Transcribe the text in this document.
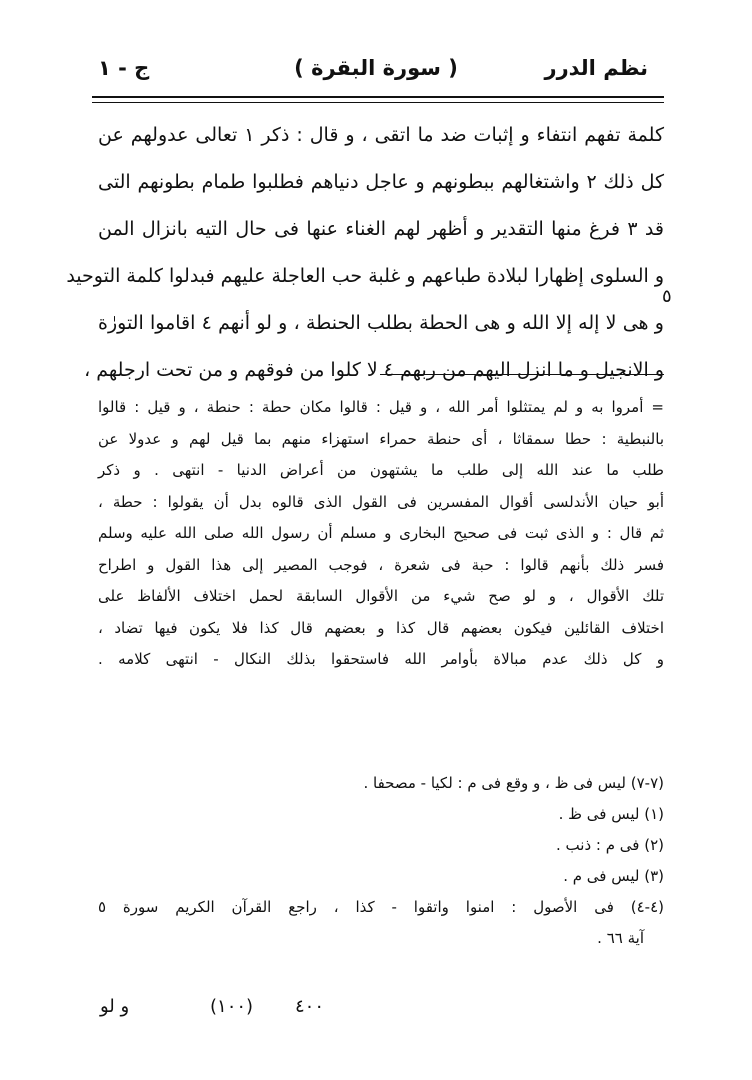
نظم الدرر
( سورة البقرة )
ج - ١
كلمة تفهم انتفاء و إثبات ضد ما اتقى ، و قال : ذكر ١ تعالى عدولهم عن
كل ذلك ٢ واشتغالهم ببطونهم و عاجل دنياهم فطلبوا طمام بطونهم التى
قد ٣ فرغ منها التقدير و أظهر لهم الغناء عنها فى حال التيه بانزال المن
و السلوى إظهارا لبلادة طباعهم و غلبة حب العاجلة عليهم فبدلوا كلمة التوحيد
و هى لا إله إلا الله و هى الحطة بطلب الحنطة ، و لو أنهم ٤ اقاموا التورٰة
و الانجيل و ما انزل اليهم من ربهم ٤ لا كلوا من فوقهم و من تحت ارجلهم ،
٥
= أمروا به و لم يمتثلوا أمر الله ، و قيل : قالوا مكان حطة : حنطة ، و قيل : قالوا
بالنبطية : حطا سمقاثا ، أى حنطة حمراء استهزاء منهم بما قيل لهم و عدولا عن
طلب ما عند الله إلى طلب ما يشتهون من أعراض الدنيا - انتهى . و ذكر
أبو حيان الأندلسى أقوال المفسرين فى القول الذى قالوه بدل أن يقولوا : حطة ،
ثم قال : و الذى ثبت فى صحيح البخارى و مسلم أن رسول الله صلى الله عليه وسلم
فسر ذلك بأنهم قالوا : حبة فى شعرة ، فوجب المصير إلى هذا القول و اطراح
تلك الأقوال ، و لو صح شيء من الأقوال السابقة لحمل اختلاف الألفاظ على
اختلاف القائلين فيكون بعضهم قال كذا و بعضهم قال كذا فلا يكون فيها تضاد ،
و كل ذلك عدم مبالاة بأوامر الله فاستحقوا بذلك النكال - انتهى كلامه .
(٧-٧) ليس فى ظ ، و وقع فى م : لكيا - مصحفا .
(١) ليس فى ظ .
(٢) فى م : ذنب .
(٣) ليس فى م .
(٤-٤) فى الأصول : امنوا واتقوا - كذا ، راجع القرآن الكريم سورة ٥
آية ٦٦ .
٤٠٠
(١٠٠)
و لو
